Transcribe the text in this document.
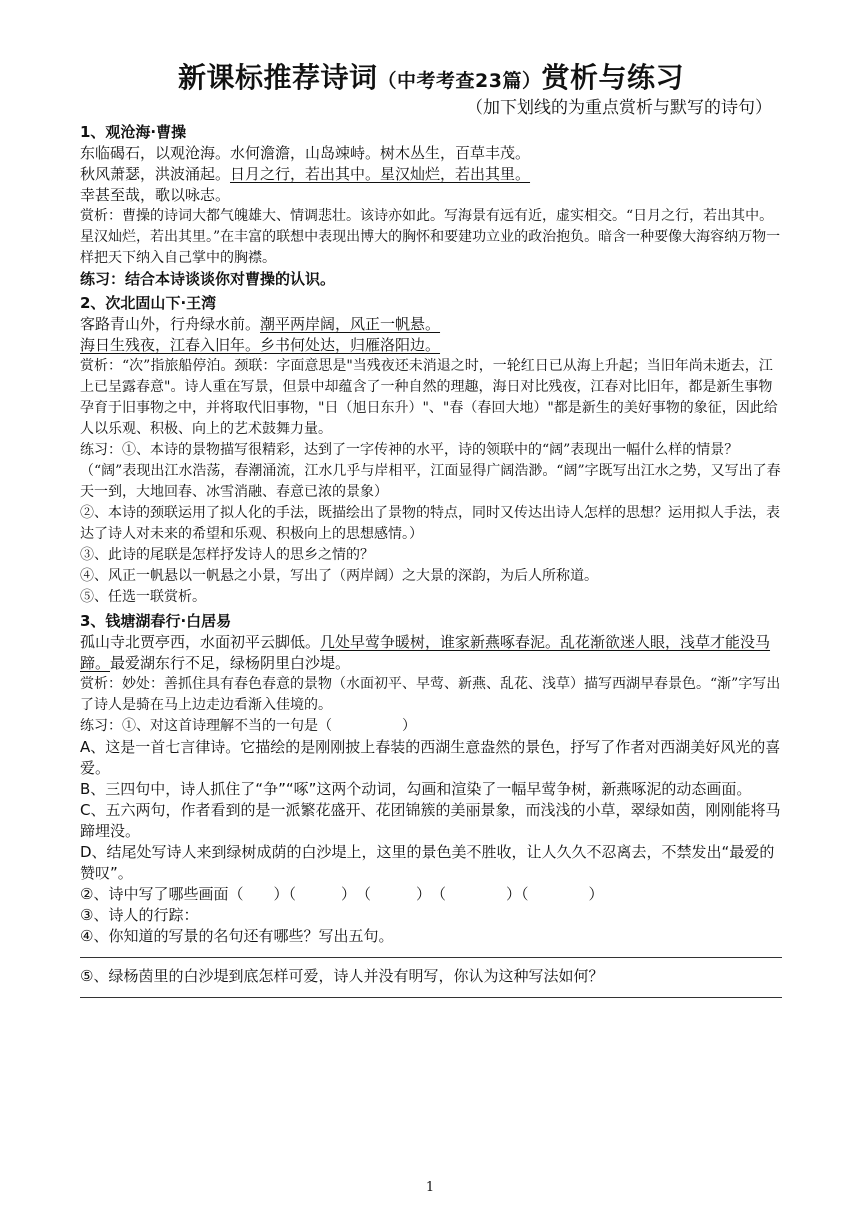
新课标推荐诗词（中考考查23篇）赏析与练习
（加下划线的为重点赏析与默写的诗句）
1、观沧海·曹操

东临碣石，以观沧海。水何澹澹，山岛竦峙。树木丛生，百草丰茂。

秋风萧瑟，洪波涌起。日月之行，若出其中。星汉灿烂，若出其里。

幸甚至哉，歌以咏志。

赏析：曹操的诗词大都气魄雄大、情调悲壮。该诗亦如此。写海景有远有近，虚实相交。“日月之行，若出其中。星汉灿烂，若出其里。”在丰富的联想中表现出博大的胸怀和要建功立业的政治抱负。暗含一种要像大海容纳万物一样把天下纳入自己掌中的胸襟。

练习：结合本诗谈谈你对曹操的认识。

2、次北固山下·王湾

客路青山外，行舟绿水前。潮平两岸阔，风正一帆悬。

海日生残夜，江春入旧年。乡书何处达，归雁洛阳边。

赏析：“次”指旅船停泊。颈联：字面意思是"当残夜还未消退之时，一轮红日已从海上升起；当旧年尚未逝去，江上已呈露春意"。诗人重在写景，但景中却蕴含了一种自然的理趣，海日对比残夜，江春对比旧年，都是新生事物孕育于旧事物之中，并将取代旧事物，"日（旭日东升）"、"春（春回大地）"都是新生的美好事物的象征，因此给人以乐观、积极、向上的艺术鼓舞力量。

练习：①、本诗的景物描写很精彩，达到了一字传神的水平，诗的领联中的“阔”表现出一幅什么样的情景？（“阔”表现出江水浩荡，春潮涌流，江水几乎与岸相平，江面显得广阔浩渺。“阔”字既写出江水之势，又写出了春天一到，大地回春、冰雪消融、春意已浓的景象）

②、本诗的颈联运用了拟人化的手法，既描绘出了景物的特点，同时又传达出诗人怎样的思想？运用拟人手法，表达了诗人对未来的希望和乐观、积极向上的思想感情。）

③、此诗的尾联是怎样抒发诗人的思乡之情的？

④、风正一帆悬以一帆悬之小景，写出了（两岸阔）之大景的深韵，为后人所称道。

⑤、任选一联赏析。

3、钱塘湖春行·白居易

孤山寺北贾亭西，水面初平云脚低。几处早莺争暖树，谁家新燕啄春泥。乱花渐欲迷人眼，浅草才能没马蹄。最爱湖东行不足，绿杨阴里白沙堤。

赏析：妙处：善抓住具有春色春意的景物（水面初平、早莺、新燕、乱花、浅草）描写西湖早春景色。“渐”字写出了诗人是骑在马上边走边看渐入佳境的。

练习：①、对这首诗理解不当的一句是（　　　　　）

A、这是一首七言律诗。它描绘的是刚刚披上春装的西湖生意盎然的景色，抒写了作者对西湖美好风光的喜爱。

B、三四句中，诗人抓住了“争”“啄”这两个动词，勾画和渲染了一幅早莺争树，新燕啄泥的动态画面。

C、五六两句，作者看到的是一派繁花盛开、花团锦簇的美丽景象，而浅浅的小草，翠绿如茵，刚刚能将马蹄埋没。

D、结尾处写诗人来到绿树成荫的白沙堤上，这里的景色美不胜收，让人久久不忍离去，不禁发出“最爱的赞叹”。

②、诗中写了哪些画面（　　）（　　　）　（　　　）　（　　　　）（　　　　）

③、诗人的行踪：

④、你知道的写景的名句还有哪些？写出五句。

⑤、绿杨茵里的白沙堤到底怎样可爱，诗人并没有明写，你认为这种写法如何？

1
